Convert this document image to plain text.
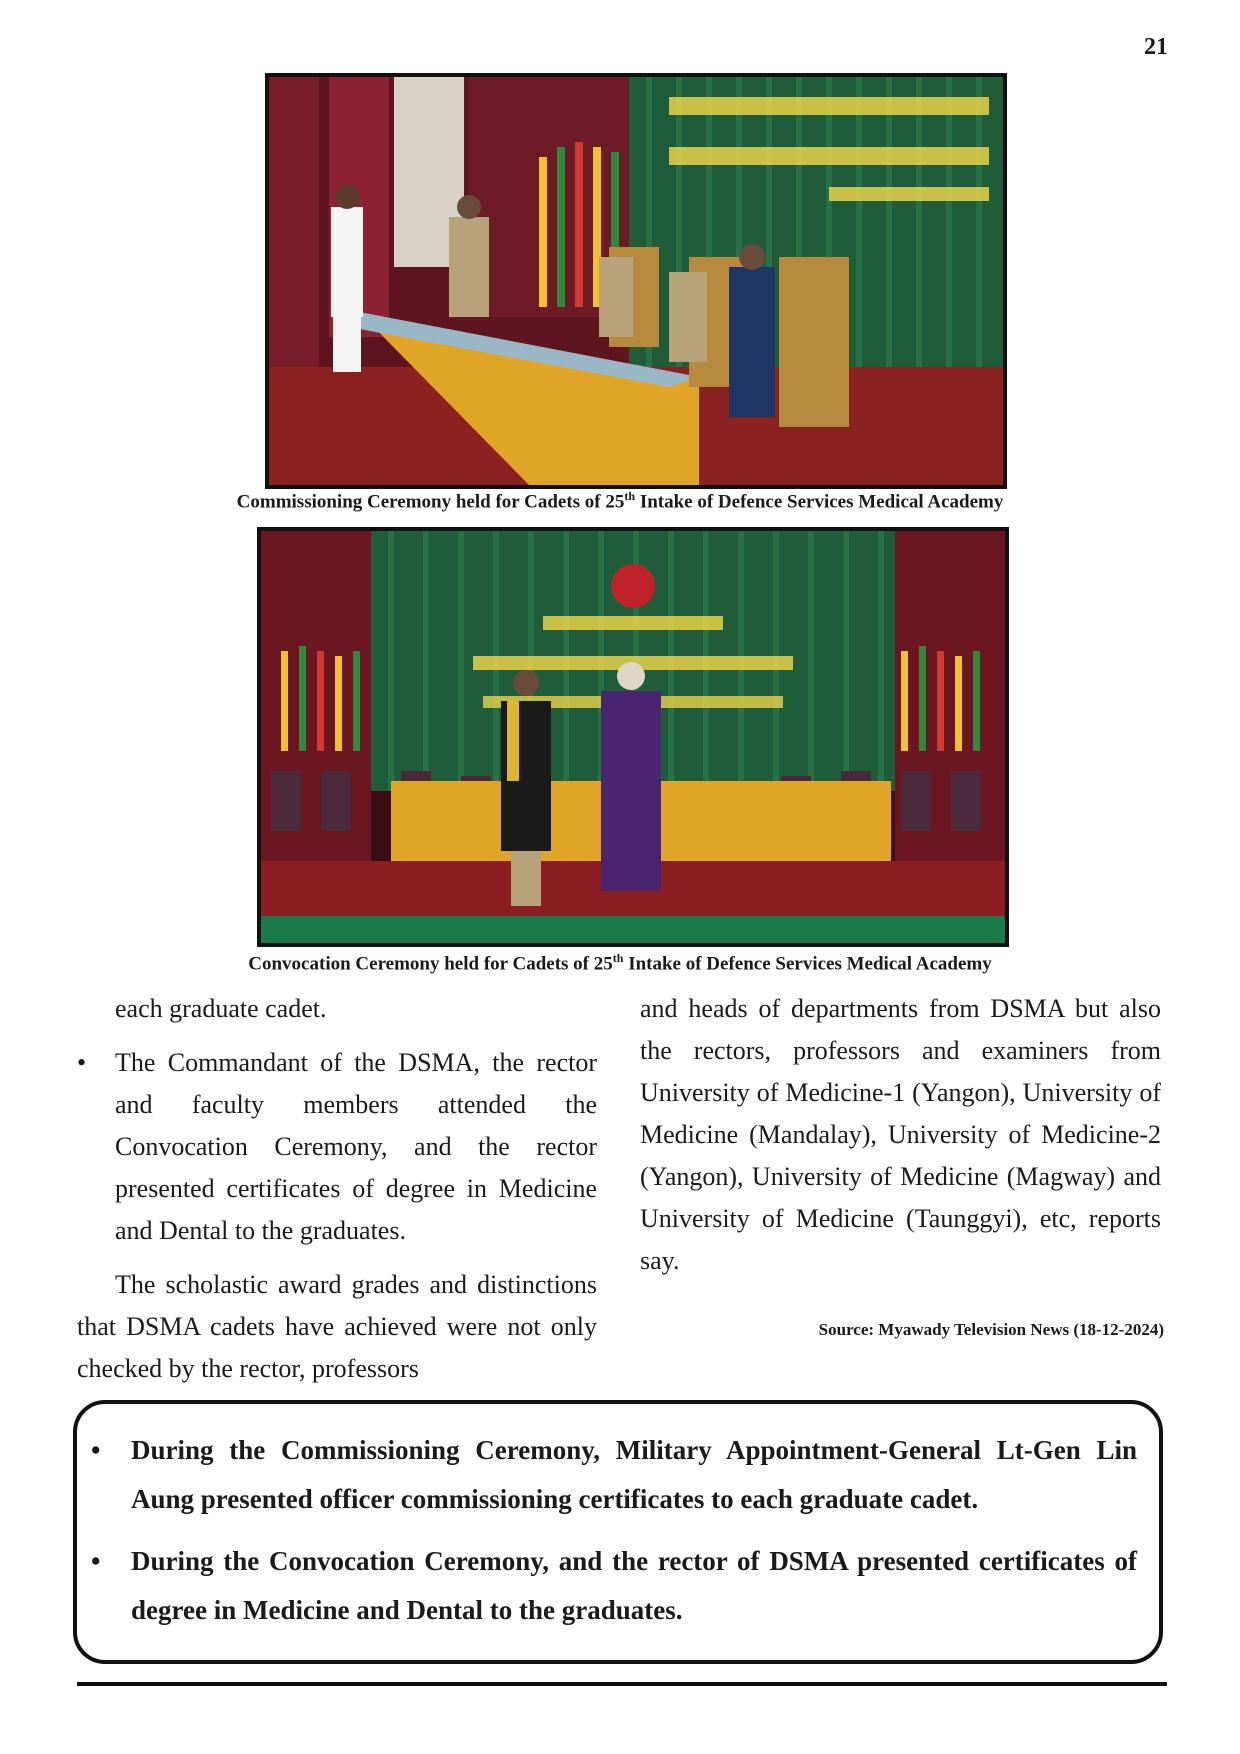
21
Commissioning Ceremony held for Cadets of 25th Intake of Defence Services Medical Academy
Convocation Ceremony held for Cadets of 25th Intake of Defence Services Medical Academy

each graduate cadet.

• The Commandant of the DSMA, the rector and faculty members attended the Convocation Ceremony, and the rector presented certificates of degree in Medicine and Dental to the graduates.

The scholastic award grades and distinctions that DSMA cadets have achieved were not only checked by the rector, professors

and heads of departments from DSMA but also the rectors, professors and examiners from University of Medicine-1 (Yangon), University of Medicine (Mandalay), University of Medicine-2 (Yangon), University of Medicine (Magway) and University of Medicine (Taunggyi), etc, reports say.

Source: Myawady Television News (18-12-2024)

• During the Commissioning Ceremony, Military Appointment-General Lt-Gen Lin Aung presented officer commissioning certificates to each graduate cadet.

• During the Convocation Ceremony, and the rector of DSMA presented certificates of degree in Medicine and Dental to the graduates.
